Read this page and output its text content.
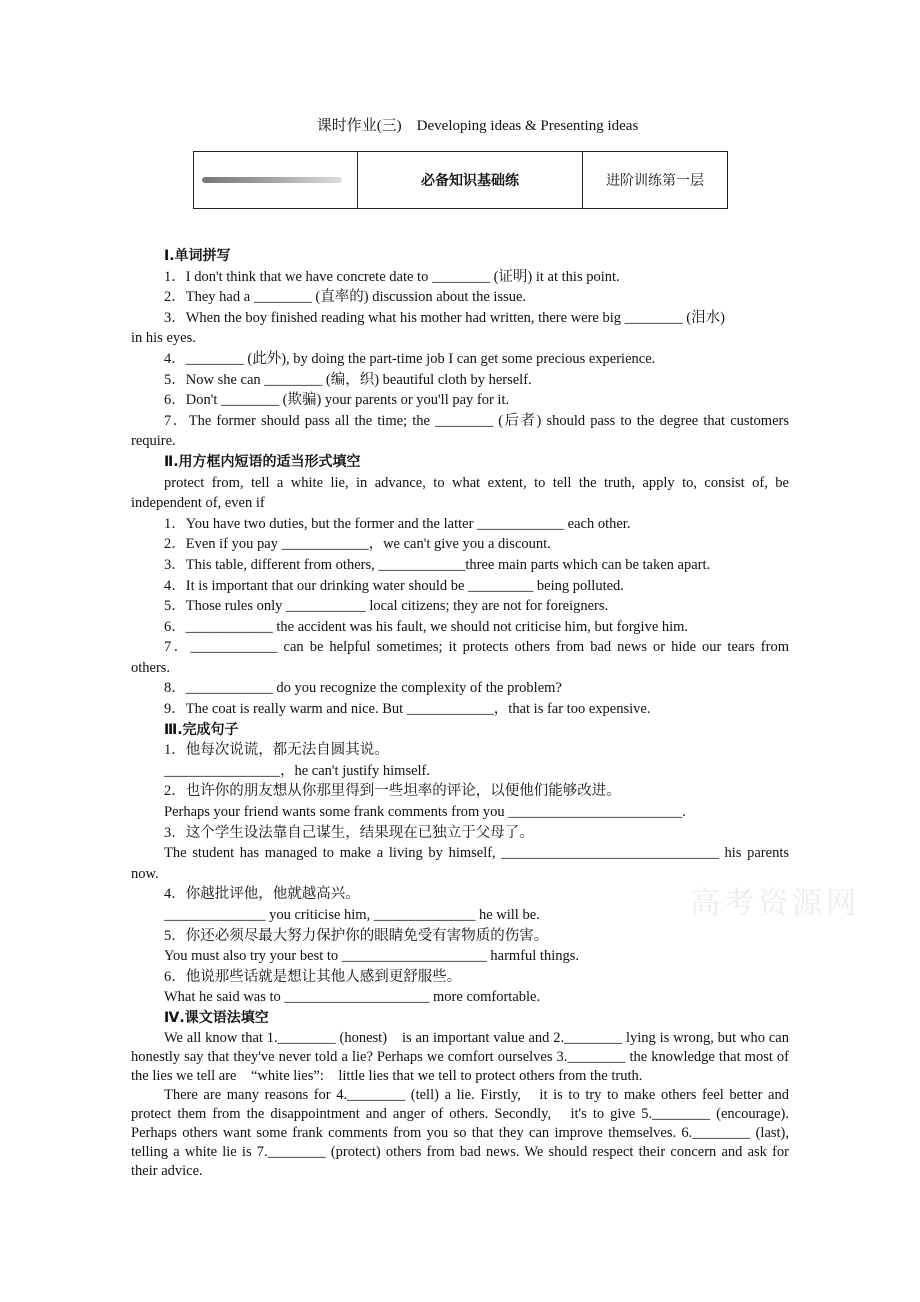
课时作业(三)　Developing ideas & Presenting ideas
必备知识基础练	进阶训练第一层
Ⅰ.单词拼写
1．I don't think that we have concrete date to ________ (证明) it at this point.
2．They had a ________ (直率的) discussion about the issue.
3．When the boy finished reading what his mother had written, there were big ________ (泪水)
in his eyes.
4．________ (此外), by doing the part-time job I can get some precious experience.
5．Now she can ________ (编，织) beautiful cloth by herself.
6．Don't ________ (欺骗) your parents or you'll pay for it.
7．The former should pass all the time; the ________ (后者) should pass to the degree that customers require.
Ⅱ.用方框内短语的适当形式填空
protect from, tell a white lie, in advance, to what extent, to tell the truth, apply to, consist of, be independent of, even if
1．You have two duties, but the former and the latter ____________ each other.
2．Even if you pay ____________，we can't give you a discount.
3．This table, different from others, ____________three main parts which can be taken apart.
4．It is important that our drinking water should be _________ being polluted.
5．Those rules only ___________ local citizens; they are not for foreigners.
6．____________ the accident was his fault, we should not criticise him, but forgive him.
7．____________ can be helpful sometimes; it protects others from bad news or hide our tears from others.
8．____________ do you recognize the complexity of the problem?
9．The coat is really warm and nice. But ____________，that is far too expensive.
Ⅲ.完成句子
1．他每次说谎，都无法自圆其说。
________________，he can't justify himself.
2．也许你的朋友想从你那里得到一些坦率的评论，以便他们能够改进。
Perhaps your friend wants some frank comments from you ________________________.
3．这个学生设法靠自己谋生，结果现在已独立于父母了。
The student has managed to make a living by himself, ______________________________ his parents now.
4．你越批评他，他就越高兴。
______________ you criticise him, ______________ he will be.
5．你还必须尽最大努力保护你的眼睛免受有害物质的伤害。
You must also try your best to ____________________ harmful things.
6．他说那些话就是想让其他人感到更舒服些。
What he said was to ____________________ more comfortable.
Ⅳ.课文语法填空
We all know that 1.________ (honest)　is an important value and 2.________ lying is wrong, but who can honestly say that they've never told a lie? Perhaps we comfort ourselves 3.________ the knowledge that most of the lies we tell are　“white lies”:　little lies that we tell to protect others from the truth.
There are many reasons for 4.________ (tell) a lie. Firstly,　it is to try to make others feel better and protect them from the disappointment and anger of others. Secondly,　it's to give 5.________ (encourage). Perhaps others want some frank comments from you so that they can improve themselves. 6.________ (last), telling a white lie is 7.________ (protect) others from bad news. We should respect their concern and ask for their advice.
高考资源网
